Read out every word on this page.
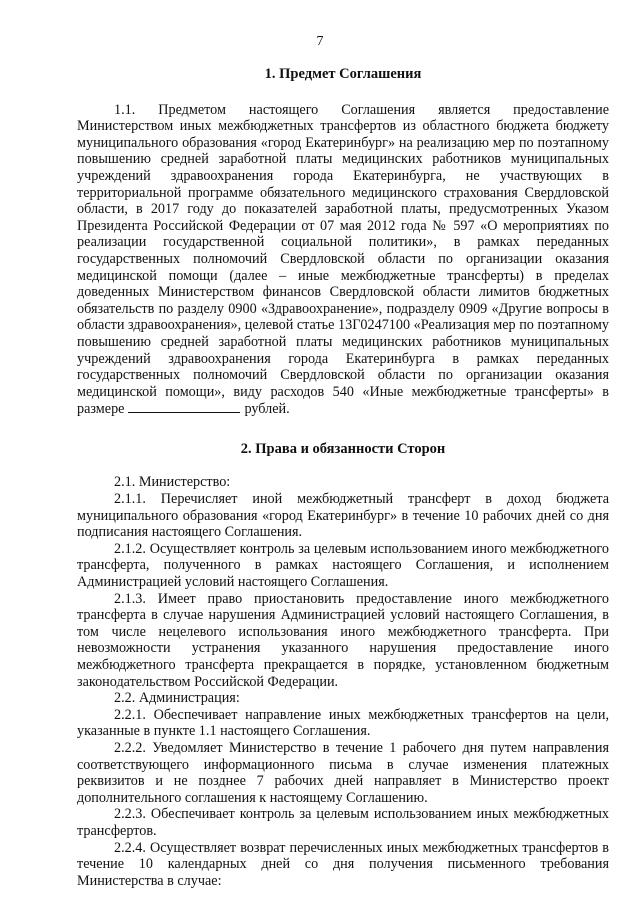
7
1. Предмет Соглашения

1.1. Предметом настоящего Соглашения является предоставление Министерством иных межбюджетных трансфертов из областного бюджета бюджету муниципального образования «город Екатеринбург» на реализацию мер по поэтапному повышению средней заработной платы медицинских работников муниципальных учреждений здравоохранения города Екатеринбурга, не участвующих в территориальной программе обязательного медицинского страхования Свердловской области, в 2017 году до показателей заработной платы, предусмотренных Указом Президента Российской Федерации от 07 мая 2012 года № 597 «О мероприятиях по реализации государственной социальной политики», в рамках переданных государственных полномочий Свердловской области по организации оказания медицинской помощи (далее – иные межбюджетные трансферты) в пределах доведенных Министерством финансов Свердловской области лимитов бюджетных обязательств по разделу 0900 «Здравоохранение», подразделу 0909 «Другие вопросы в области здравоохранения», целевой статье 13Г0247100 «Реализация мер по поэтапному повышению средней заработной платы медицинских работников муниципальных учреждений здравоохранения города Екатеринбурга в рамках переданных государственных полномочий Свердловской области по организации оказания медицинской помощи», виду расходов 540 «Иные межбюджетные трансферты» в размере	рублей.

2. Права и обязанности Сторон

2.1. Министерство:

2.1.1. Перечисляет иной межбюджетный трансферт в доход бюджета муниципального образования «город Екатеринбург» в течение 10 рабочих дней со дня подписания настоящего Соглашения.

2.1.2. Осуществляет контроль за целевым использованием иного межбюджетного трансферта, полученного в рамках настоящего Соглашения, и исполнением Администрацией условий настоящего Соглашения.

2.1.3. Имеет право приостановить предоставление иного межбюджетного трансферта в случае нарушения Администрацией условий настоящего Соглашения, в том числе нецелевого использования иного межбюджетного трансферта. При невозможности устранения указанного нарушения предоставление иного межбюджетного трансферта прекращается в порядке, установленном бюджетным законодательством Российской Федерации.

2.2. Администрация:

2.2.1. Обеспечивает направление иных межбюджетных трансфертов на цели, указанные в пункте 1.1 настоящего Соглашения.

2.2.2. Уведомляет Министерство в течение 1 рабочего дня путем направления соответствующего информационного письма в случае изменения платежных реквизитов и не позднее 7 рабочих дней направляет в Министерство проект дополнительного соглашения к настоящему Соглашению.

2.2.3. Обеспечивает контроль за целевым использованием иных межбюджетных трансфертов.

2.2.4. Осуществляет возврат перечисленных иных межбюджетных трансфертов в течение 10 календарных дней со дня получения письменного требования Министерства в случае:
